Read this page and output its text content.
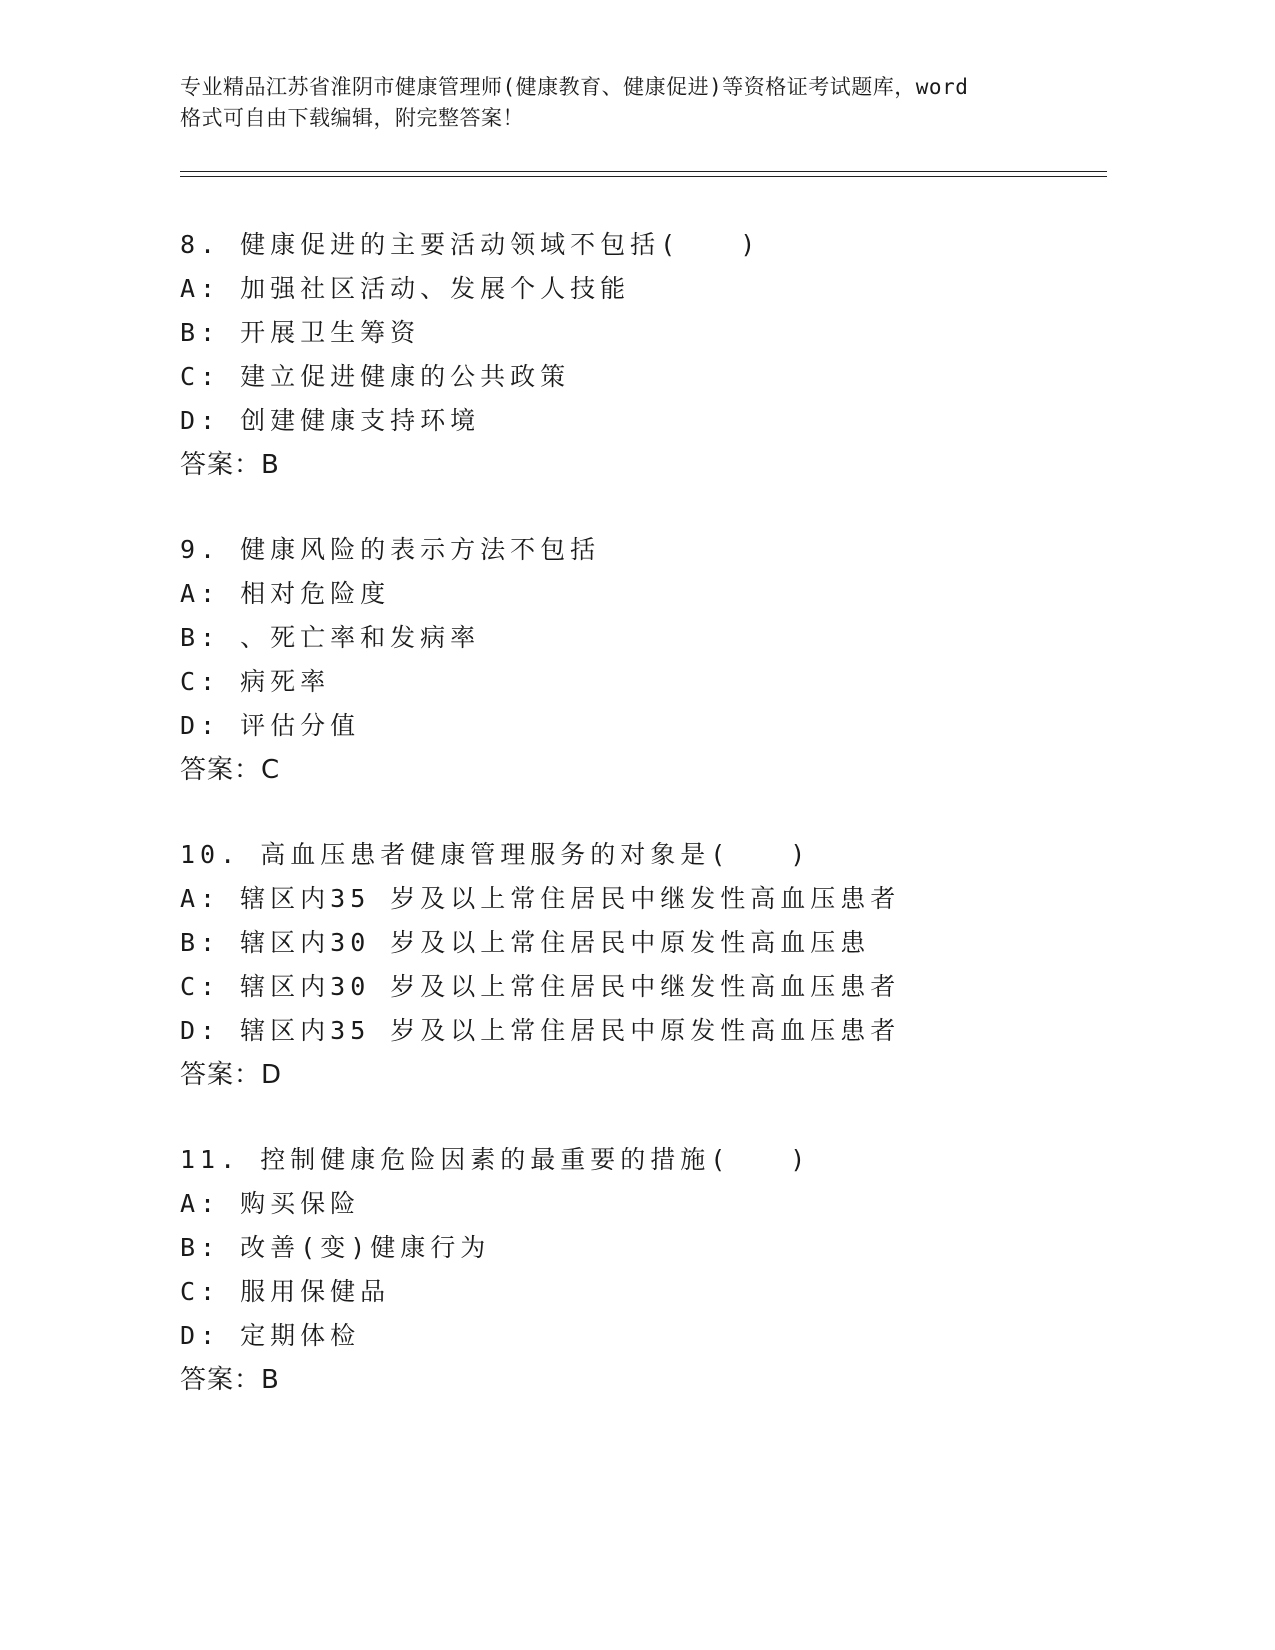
专业精品江苏省淮阴市健康管理师(健康教育、健康促进)等资格证考试题库，word
格式可自由下载编辑，附完整答案！
8. 健康促进的主要活动领域不包括(　　)
A: 加强社区活动、发展个人技能
B: 开展卫生筹资
C: 建立促进健康的公共政策
D: 创建健康支持环境
答案：B
9. 健康风险的表示方法不包括
A: 相对危险度
B: 、死亡率和发病率
C: 病死率
D: 评估分值
答案：C
10. 高血压患者健康管理服务的对象是(　　)
A: 辖区内35 岁及以上常住居民中继发性高血压患者
B: 辖区内30 岁及以上常住居民中原发性高血压患
C: 辖区内30 岁及以上常住居民中继发性高血压患者
D: 辖区内35 岁及以上常住居民中原发性高血压患者
答案：D
11. 控制健康危险因素的最重要的措施(　　)
A: 购买保险
B: 改善(变)健康行为
C: 服用保健品
D: 定期体检
答案：B
